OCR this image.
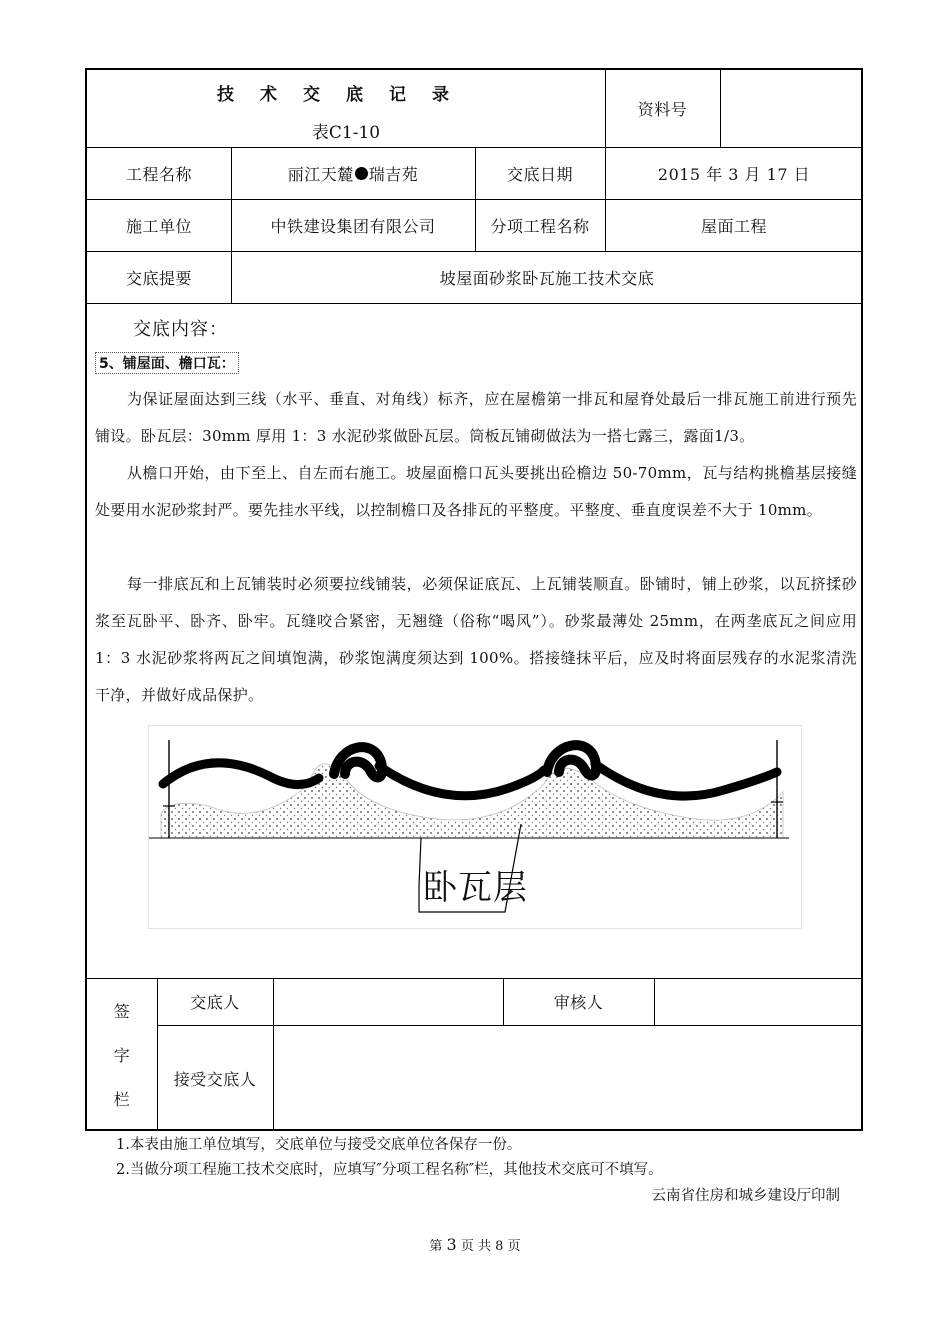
技术交底记录
表C1-10
资料号
工程名称	丽江天麓 瑞吉苑	交底日期	2015 年 3 月 17 日
施工单位	中铁建设集团有限公司	分项工程名称	屋面工程
交底提要	坡屋面砂浆卧瓦施工技术交底
交底内容：
5、铺屋面、檐口瓦：
为保证屋面达到三线（水平、垂直、对角线）标齐，应在屋檐第一排瓦和屋脊处最后一排瓦施工前进行预先铺设。卧瓦层：30mm 厚用 1：3 水泥砂浆做卧瓦层。筒板瓦铺砌做法为一搭七露三，露面1/3。
从檐口开始，由下至上、自左而右施工。坡屋面檐口瓦头要挑出砼檐边 50-70mm，瓦与结构挑檐基层接缝处要用水泥砂浆封严。要先挂水平线，以控制檐口及各排瓦的平整度。平整度、垂直度误差不大于 10mm。
每一排底瓦和上瓦铺装时必须要拉线铺装，必须保证底瓦、上瓦铺装顺直。卧铺时，铺上砂浆，以瓦挤揉砂浆至瓦卧平、卧齐、卧牢。瓦缝咬合紧密，无翘缝（俗称“喝风”）。砂浆最薄处 25mm，在两垄底瓦之间应用 1：3 水泥砂浆将两瓦之间填饱满，砂浆饱满度须达到 100%。搭接缝抹平后，应及时将面层残存的水泥浆清洗干净，并做好成品保护。
卧瓦层
签
字
栏
交底人	审核人
接受交底人
1.本表由施工单位填写，交底单位与接受交底单位各保存一份。
2.当做分项工程施工技术交底时，应填写″分项工程名称″栏，其他技术交底可不填写。
云南省住房和城乡建设厅印制
第 3 页 共 8 页
